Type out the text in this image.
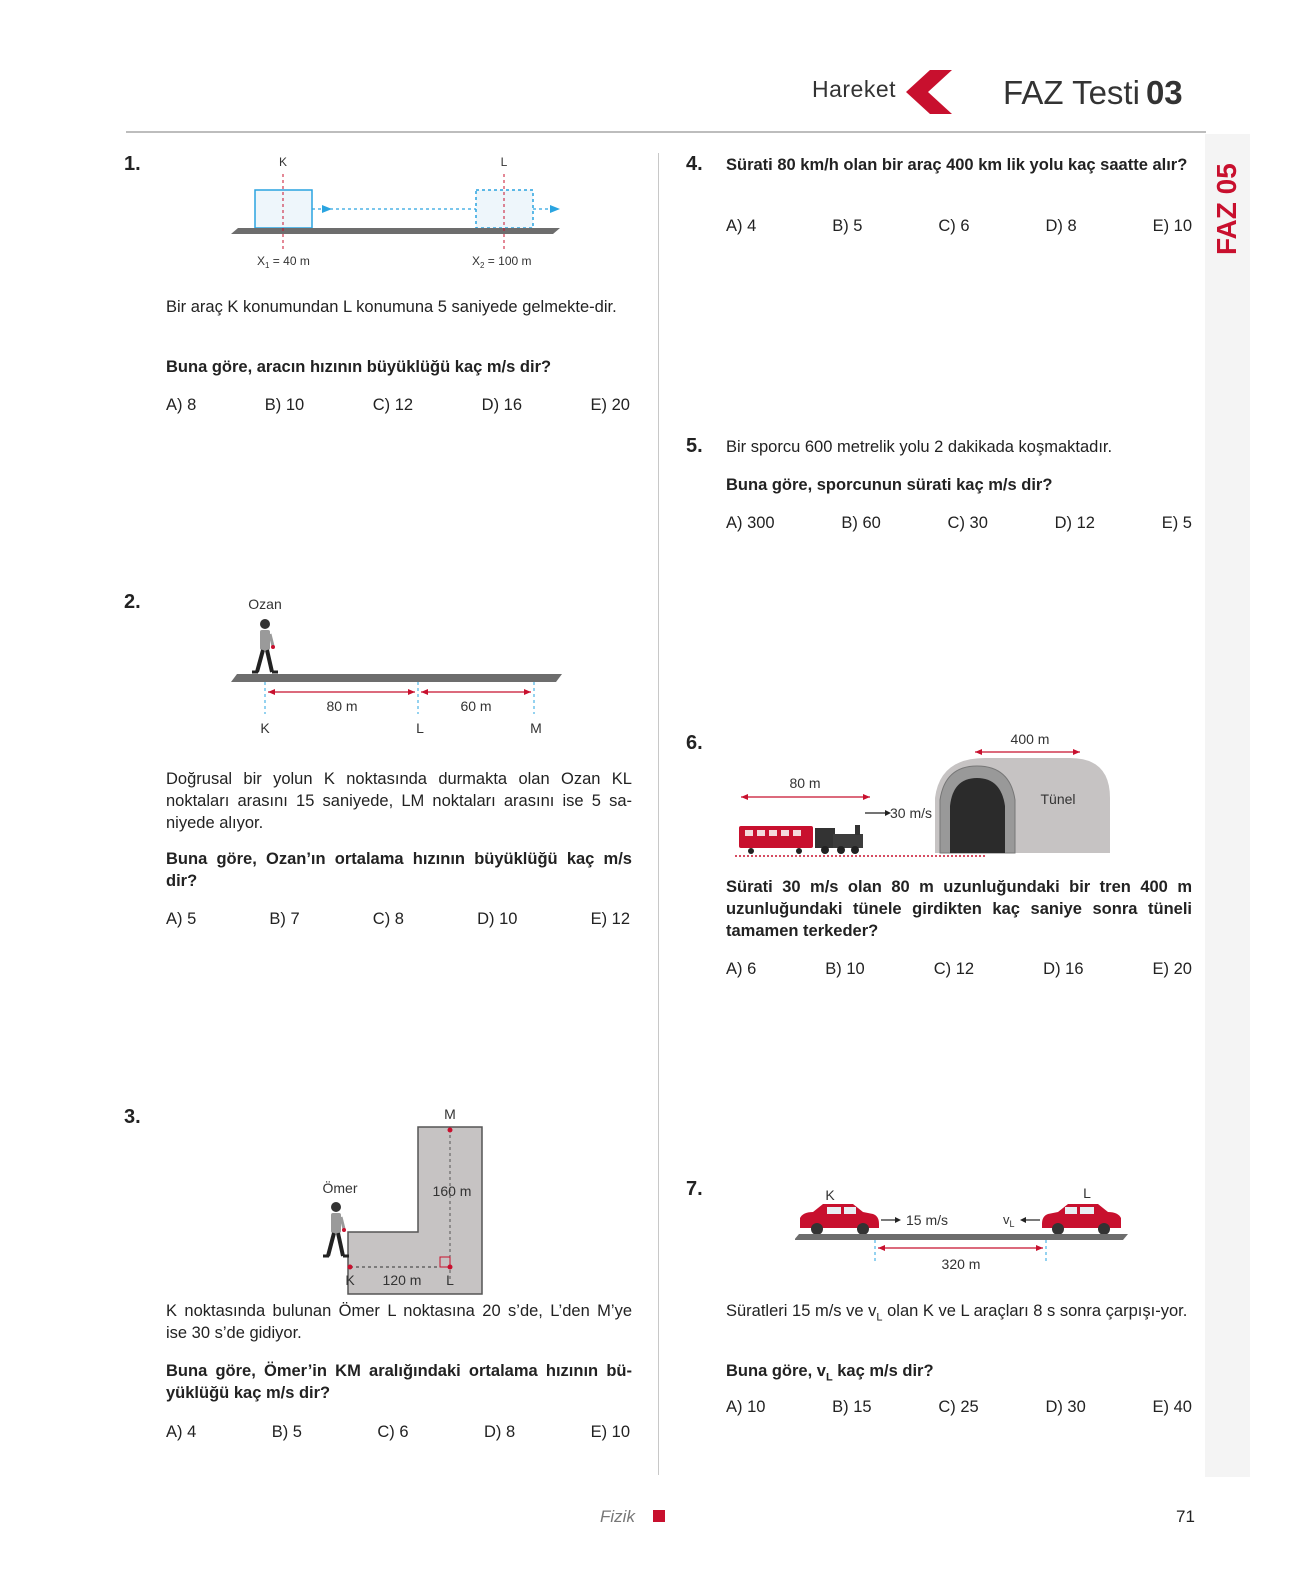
Hareket	FAZ Testi 03
FAZ 05
1.	K	L
$X_1 = 40$ m	$X_2 = 100$ m
Bir araç K konumundan L konumuna 5 saniyede gelmekte-dir.
Buna göre, aracın hızının büyüklüğü kaç m/s dir?
A) 8	B) 10	C) 12	D) 16	E) 20
2.	Ozan
80 m	60 m
K	L	M
Doğrusal bir yolun K noktasında durmakta olan Ozan KL noktaları arasını 15 saniyede, LM noktaları arasını ise 5 sa-niyede alıyor.
Buna göre, Ozan’ın ortalama hızının büyüklüğü kaç m/s dir?
A) 5	B) 7	C) 8	D) 10	E) 12
3.	M
160 m
120 m
K	L
Ömer
K noktasında bulunan Ömer L noktasına 20 s’de, L’den M’ye ise 30 s’de gidiyor.
Buna göre, Ömer’in KM aralığındaki ortalama hızının bü-yüklüğü kaç m/s dir?
A) 4	B) 5	C) 6	D) 8	E) 10
4. Sürati 80 km/h olan bir araç 400 km lik yolu kaç saatte alır?
A) 4	B) 5	C) 6	D) 8	E) 10
5. Bir sporcu 600 metrelik yolu 2 dakikada koşmaktadır.
Buna göre, sporcunun sürati kaç m/s dir?
A) 300	B) 60	C) 30	D) 12	E) 5
6.	400 m
Tünel
80 m
30 m/s
Sürati 30 m/s olan 80 m uzunluğundaki bir tren 400 m uzunluğundaki tünele girdikten kaç saniye sonra tüneli tamamen terkeder?
A) 6	B) 10	C) 12	D) 16	E) 20
7.	K	L
15 m/s	$v_L$
320 m
Süratleri 15 m/s ve $v_L$ olan K ve L araçları 8 s sonra çarpışı-yor.
Buna göre, $v_L$ kaç m/s dir?
A) 10	B) 15	C) 25	D) 30	E) 40
Fizik	71
